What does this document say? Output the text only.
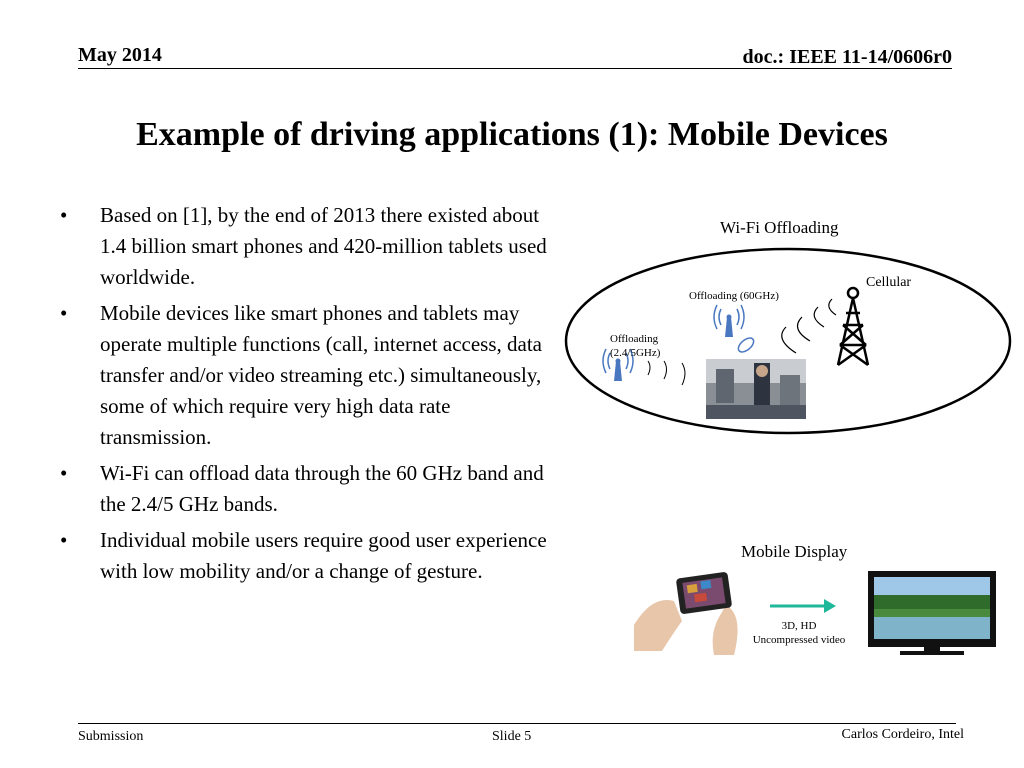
May 2014	doc.: IEEE 11-14/0606r0
Example of driving applications (1): Mobile Devices
• Based on [1], by the end of 2013 there existed about 1.4 billion smart phones and 420-million tablets used worldwide.
• Mobile devices like smart phones and tablets may operate multiple functions (call, internet access, data transfer and/or video streaming etc.) simultaneously, some of which require very high data rate transmission.
• Wi-Fi can offload data through the 60 GHz band and the 2.4/5 GHz bands.
• Individual mobile users require good user experience with low mobility and/or a change of gesture.
Wi-Fi Offloading
Cellular
Offloading (60GHz)
Offloading
(2.4/5GHz)
Mobile Display
3D, HD
Uncompressed video
Submission	Slide 5	Carlos Cordeiro, Intel
